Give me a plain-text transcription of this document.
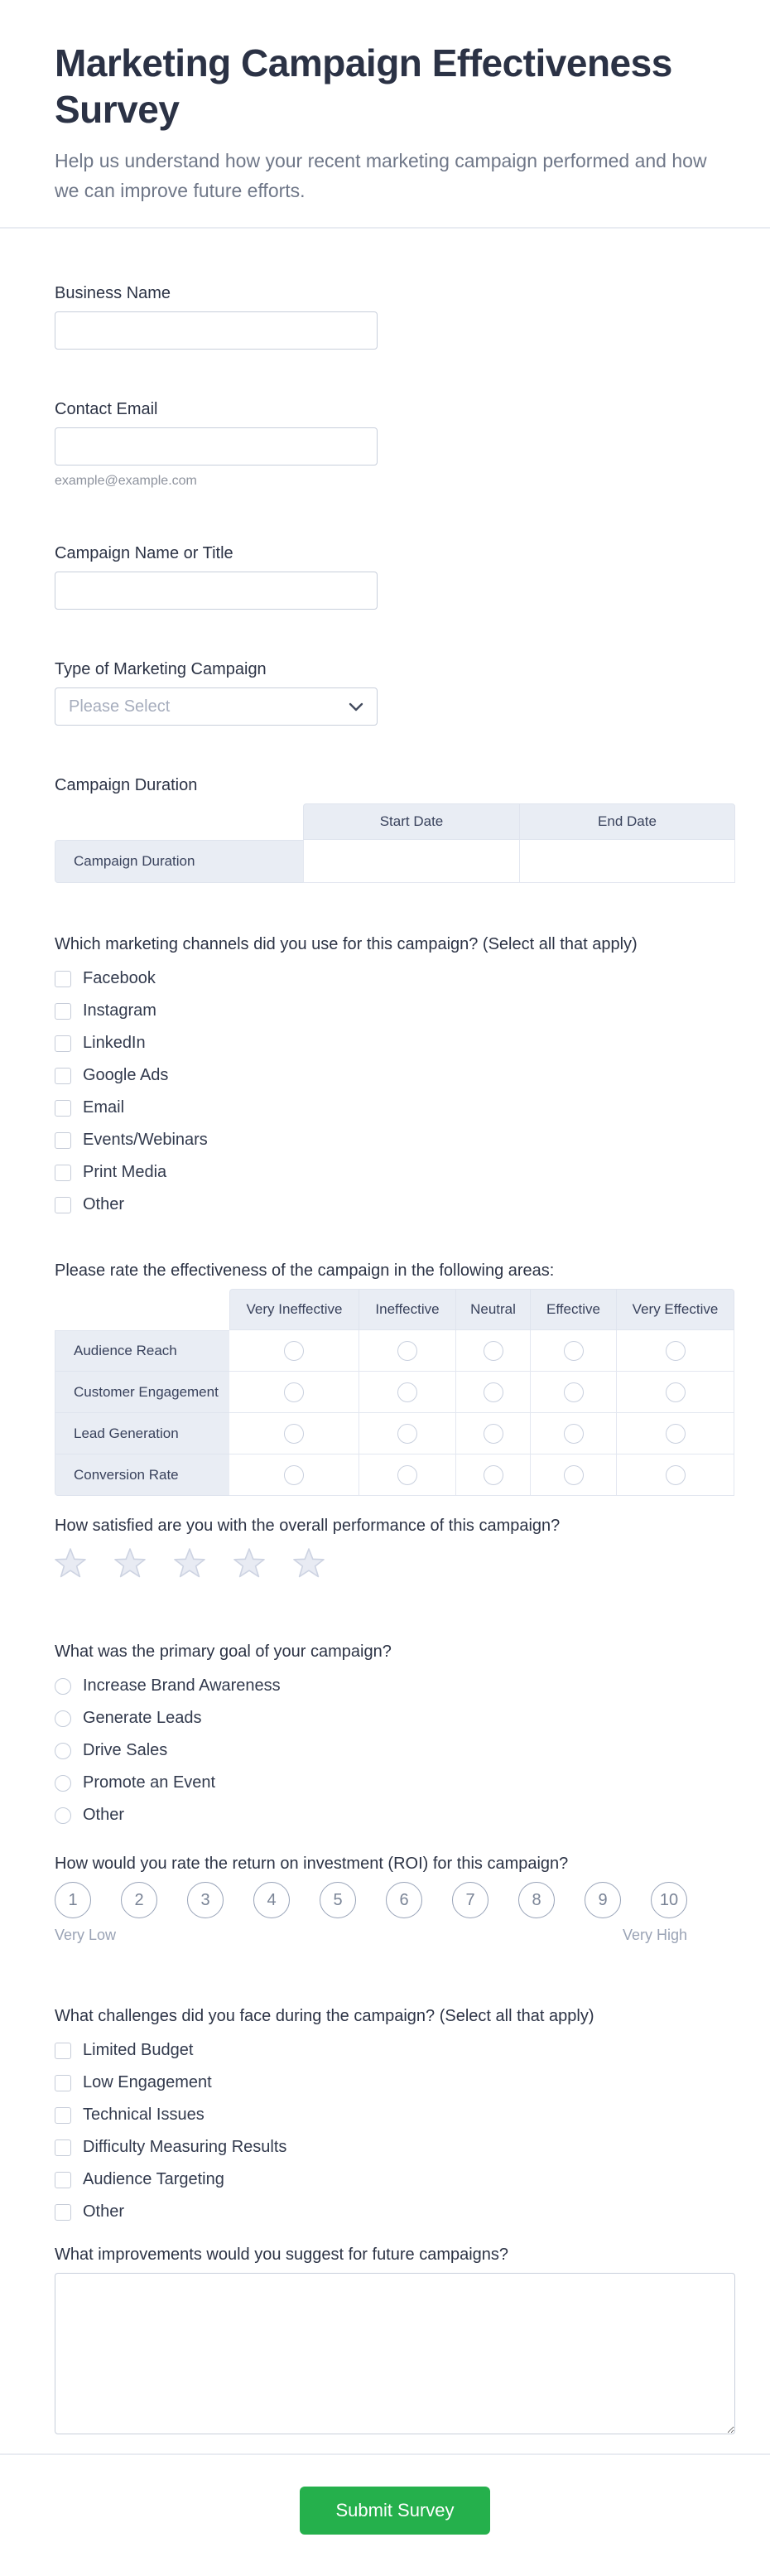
Marketing Campaign Effectiveness Survey
Help us understand how your recent marketing campaign performed and how we can improve future efforts.
Business Name
Contact Email
example@example.com
Campaign Name or Title
Type of Marketing Campaign
Please Select
Campaign Duration
Start Date	End Date
Campaign Duration
Which marketing channels did you use for this campaign? (Select all that apply)
Facebook
Instagram
LinkedIn
Google Ads
Email
Events/Webinars
Print Media
Other
Please rate the effectiveness of the campaign in the following areas:
Very Ineffective	Ineffective	Neutral	Effective	Very Effective
Audience Reach
Customer Engagement
Lead Generation
Conversion Rate
How satisfied are you with the overall performance of this campaign?
What was the primary goal of your campaign?
Increase Brand Awareness
Generate Leads
Drive Sales
Promote an Event
Other
How would you rate the return on investment (ROI) for this campaign?
1	2	3	4	5	6	7	8	9	10
Very Low	Very High
What challenges did you face during the campaign? (Select all that apply)
Limited Budget
Low Engagement
Technical Issues
Difficulty Measuring Results
Audience Targeting
Other
What improvements would you suggest for future campaigns?
Submit Survey
